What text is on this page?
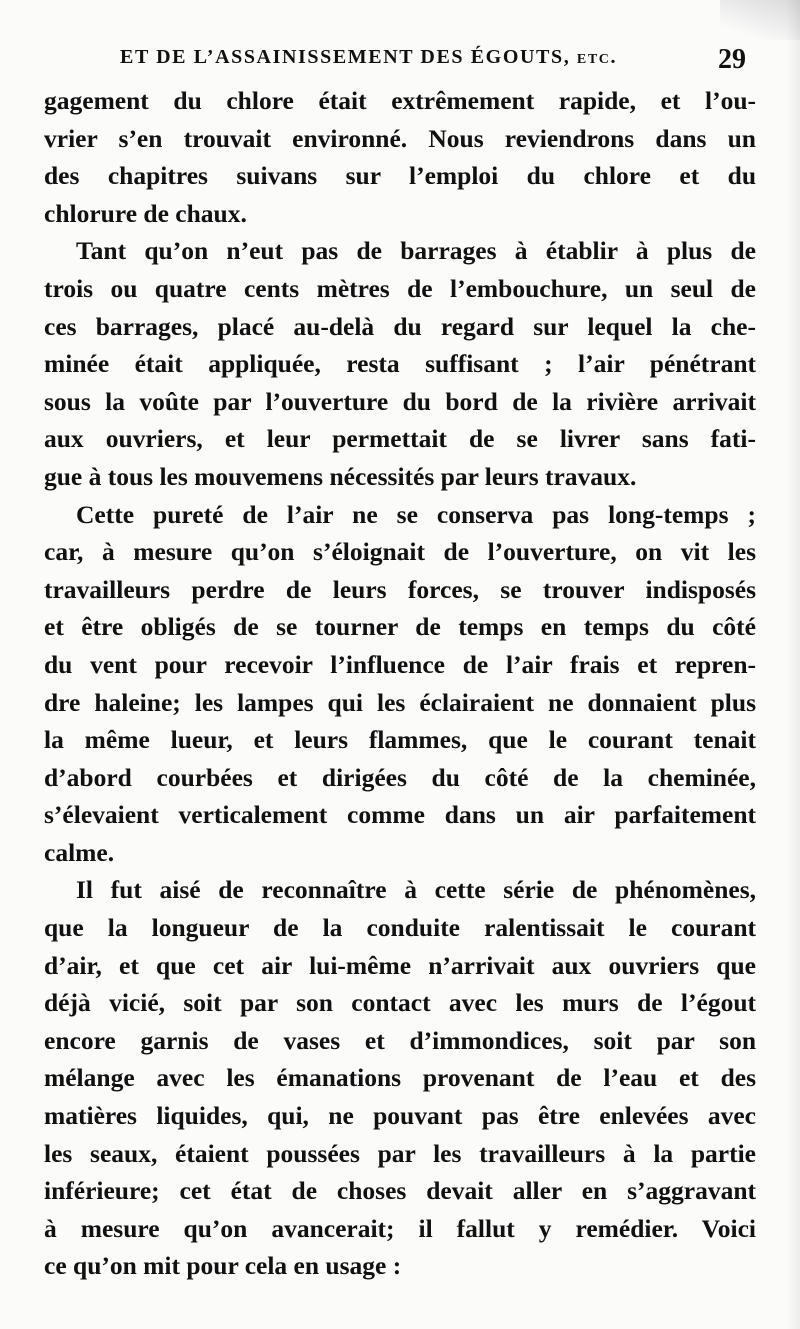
ET DE L’ASSAINISSEMENT DES ÉGOUTS, etc.	29
gagement du chlore était extrêmement rapide, et l’ou-
vrier s’en trouvait environné. Nous reviendrons dans un
des chapitres suivans sur l’emploi du chlore et du
chlorure de chaux.
Tant qu’on n’eut pas de barrages à établir à plus de
trois ou quatre cents mètres de l’embouchure, un seul de
ces barrages, placé au-delà du regard sur lequel la che-
minée était appliquée, resta suffisant ; l’air pénétrant
sous la voûte par l’ouverture du bord de la rivière arrivait
aux ouvriers, et leur permettait de se livrer sans fati-
gue à tous les mouvemens nécessités par leurs travaux.
Cette pureté de l’air ne se conserva pas long-temps ;
car, à mesure qu’on s’éloignait de l’ouverture, on vit les
travailleurs perdre de leurs forces, se trouver indisposés
et être obligés de se tourner de temps en temps du côté
du vent pour recevoir l’influence de l’air frais et repren-
dre haleine; les lampes qui les éclairaient ne donnaient plus
la même lueur, et leurs flammes, que le courant tenait
d’abord courbées et dirigées du côté de la cheminée,
s’élevaient verticalement comme dans un air parfaitement
calme.
Il fut aisé de reconnaître à cette série de phénomènes,
que la longueur de la conduite ralentissait le courant
d’air, et que cet air lui-même n’arrivait aux ouvriers que
déjà vicié, soit par son contact avec les murs de l’égout
encore garnis de vases et d’immondices, soit par son
mélange avec les émanations provenant de l’eau et des
matières liquides, qui, ne pouvant pas être enlevées avec
les seaux, étaient poussées par les travailleurs à la partie
inférieure; cet état de choses devait aller en s’aggravant
à mesure qu’on avancerait; il fallut y remédier. Voici
ce qu’on mit pour cela en usage :
